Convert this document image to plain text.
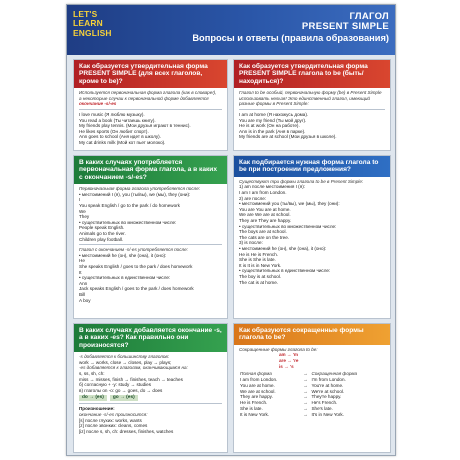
LET'S
LEARN
ENGLISH
ГЛАГОЛ
PRESENT SIMPLE
Вопросы и ответы (правила образования)
Как образуется утвердительная форма PRESENT SIMPLE (для всех глаголов, кроме to be)?
Используется первоначальная форма глагола (как в словаре!),
а некоторые случаи к первоначальной форме добавляется
окончание -s/-es
I love music (Я люблю музыку).
You read a book (Ты читаешь книгу).
My friends play tennis. (Мои друзья играют в теннис).
He likes sports (Он любит спорт).
Ann goes to school (Аня идет в школу).
My cat drinks milk (Мой кот пьет молоко).
Как образуется утвердительная форма PRESENT SIMPLE глагола to be (быть/находиться)?
Глагол to be особый, первоначальную форму (be) в Present Simple
использовать нельзя! Это единственный глагол, имеющий
разные формы в Present Simple:
I am at home (Я нахожусь дома).
You are my friend (Ты мой друг).
He is at work (Он на работе).
Ann is in the park (Аня в парке).
My friends are at school (Мои друзья в школе).
В каких случаях употребляется первоначальная форма глагола, а в каких с окончанием -s/-es?
Первоначальная форма глагола употребляется после:
• местоимений I (я), you (ты/вы), we (мы), they (они):
I
You speak English / go to the park / do homework
We
They
• существительных во множественном числе:
People speak English.
Animals go to the river.
Children play football.
Глагол с окончанием -s/-es употребляется после:
• местоимений he (он), she (она), it (оно):
He
She speaks English / goes to the park / does homework
It
• существительных в единственном числе:
Ann
Jack speaks English / goes to the park / does homework
Bill
A boy
Как подбирается нужная форма глагола to be при построении предложения?
Существуют три формы глагола to be в Present Simple:
1) am после местоимения I (я):
I am I am from London.
2) are после:
• местоимений you (ты/вы), we (мы), they (они):
You are You are at home.
We are We are at school.
They are They are happy.
• существительных во множественном числе:
The boys are at school.
The cats are on the tree.
3) is после:
• местоимений he (он), she (она), it (оно):
He is He is French.
She is She is late.
It is It is in New York.
• существительных в единственном числе:
The boy is at school.
The cat is at home.
В каких случаях добавляется окончание -s, а в каких -es? Как правильно они произносятся?
-s добавляется к большинству глаголов:
work → works, close → closes, play → plays;
-es добавляется к глаголам, оканчивающимся на:
s, ss, sh, ch:
miss → misses, finish → finishes, teach → teaches
б) согласную + -y: study → studies
в) глаголы on -o: go → goes, do → does
do → (es)	go → (es)
Произношение:
окончание -s/-es произносится:
[s] после глухих: works, wants
[z] после звонких: cleans, comes
[iz] после s, sh, ch: dresses, finishes, watches
Как образуются сокращенные формы глагола to be?
Сокращенные формы глагола to be:
am → 'm
are → 're
is → 's
Полная форма	→	Сокращенная форма
I am from London.	→	I'm from London.
You are at home.	→	You're at home.
We are at school.	→	We're at school.
They are happy.	→	They're happy.
He is French.	→	He's French.
She is late.	→	She's late.
It is New York.	→	It's in New York.
